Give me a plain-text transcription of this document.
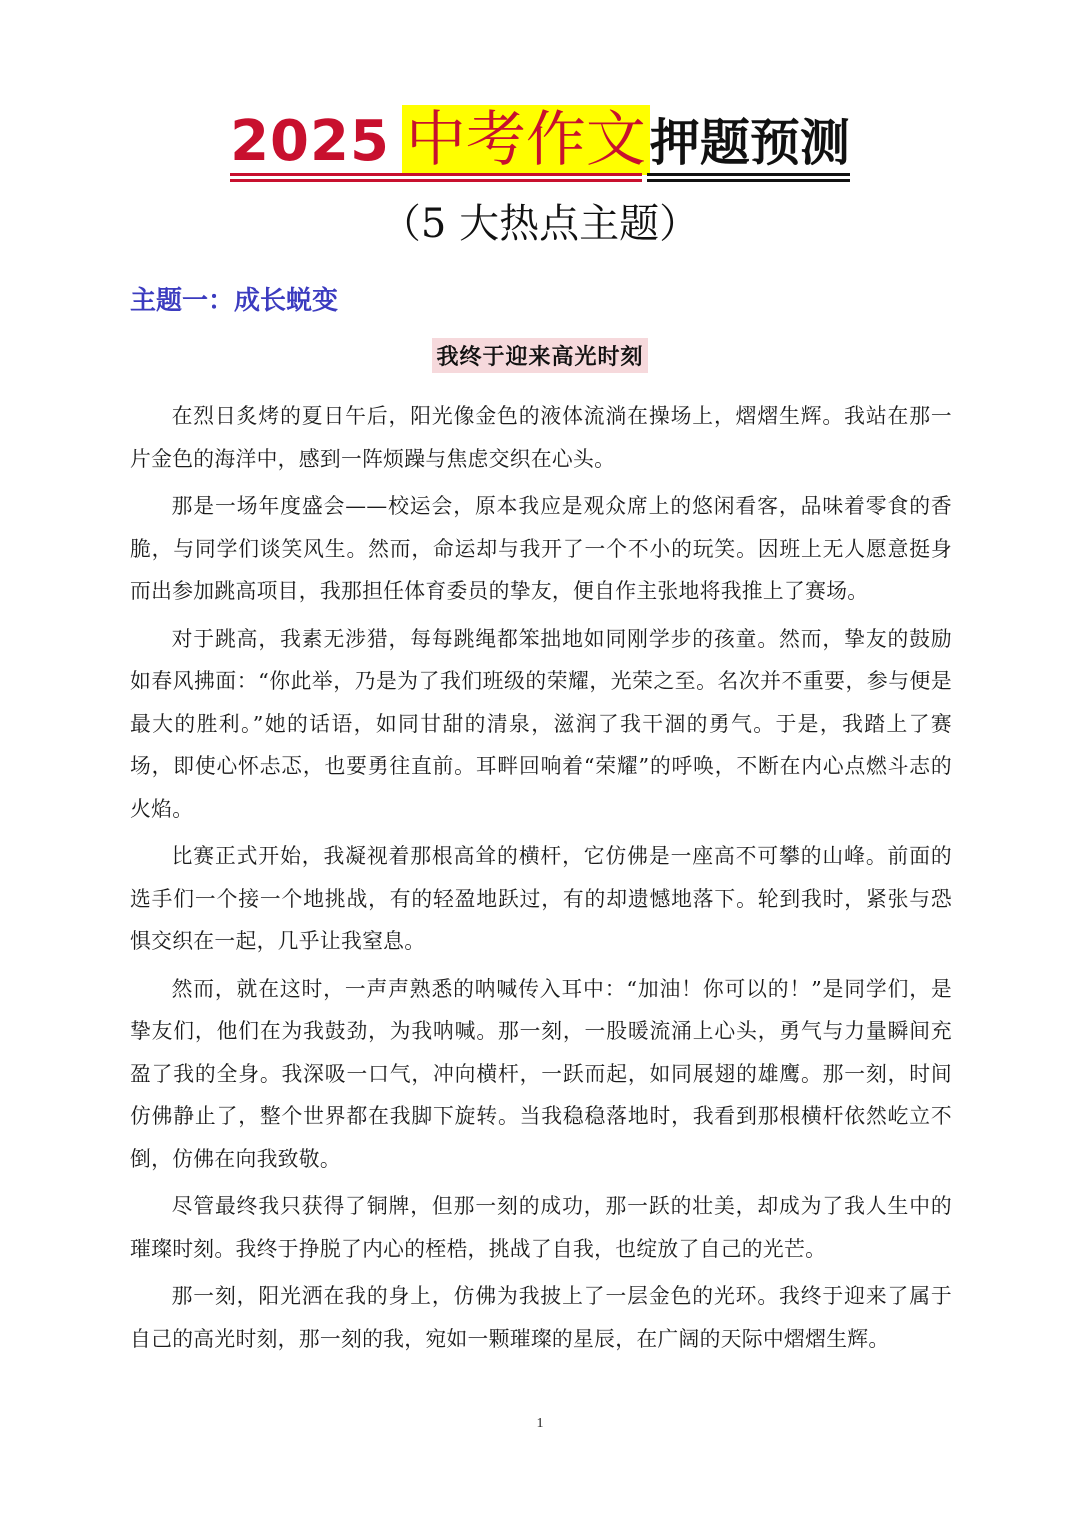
2025 中考作文押题预测
（5 大热点主题）
主题一：成长蜕变
我终于迎来高光时刻

在烈日炙烤的夏日午后，阳光像金色的液体流淌在操场上，熠熠生辉。我站在那一片金色的海洋中，感到一阵烦躁与焦虑交织在心头。

那是一场年度盛会——校运会，原本我应是观众席上的悠闲看客，品味着零食的香脆，与同学们谈笑风生。然而，命运却与我开了一个不小的玩笑。因班上无人愿意挺身而出参加跳高项目，我那担任体育委员的挚友，便自作主张地将我推上了赛场。

对于跳高，我素无涉猎，每每跳绳都笨拙地如同刚学步的孩童。然而，挚友的鼓励如春风拂面：“你此举，乃是为了我们班级的荣耀，光荣之至。名次并不重要，参与便是最大的胜利。”她的话语，如同甘甜的清泉，滋润了我干涸的勇气。于是，我踏上了赛场，即使心怀忐忑，也要勇往直前。耳畔回响着“荣耀”的呼唤，不断在内心点燃斗志的火焰。

比赛正式开始，我凝视着那根高耸的横杆，它仿佛是一座高不可攀的山峰。前面的选手们一个接一个地挑战，有的轻盈地跃过，有的却遗憾地落下。轮到我时，紧张与恐惧交织在一起，几乎让我窒息。

然而，就在这时，一声声熟悉的呐喊传入耳中：“加油！你可以的！”是同学们，是挚友们，他们在为我鼓劲，为我呐喊。那一刻，一股暖流涌上心头，勇气与力量瞬间充盈了我的全身。我深吸一口气，冲向横杆，一跃而起，如同展翅的雄鹰。那一刻，时间仿佛静止了，整个世界都在我脚下旋转。当我稳稳落地时，我看到那根横杆依然屹立不倒，仿佛在向我致敬。

尽管最终我只获得了铜牌，但那一刻的成功，那一跃的壮美，却成为了我人生中的璀璨时刻。我终于挣脱了内心的桎梏，挑战了自我，也绽放了自己的光芒。

那一刻，阳光洒在我的身上，仿佛为我披上了一层金色的光环。我终于迎来了属于自己的高光时刻，那一刻的我，宛如一颗璀璨的星辰，在广阔的天际中熠熠生辉。

1
